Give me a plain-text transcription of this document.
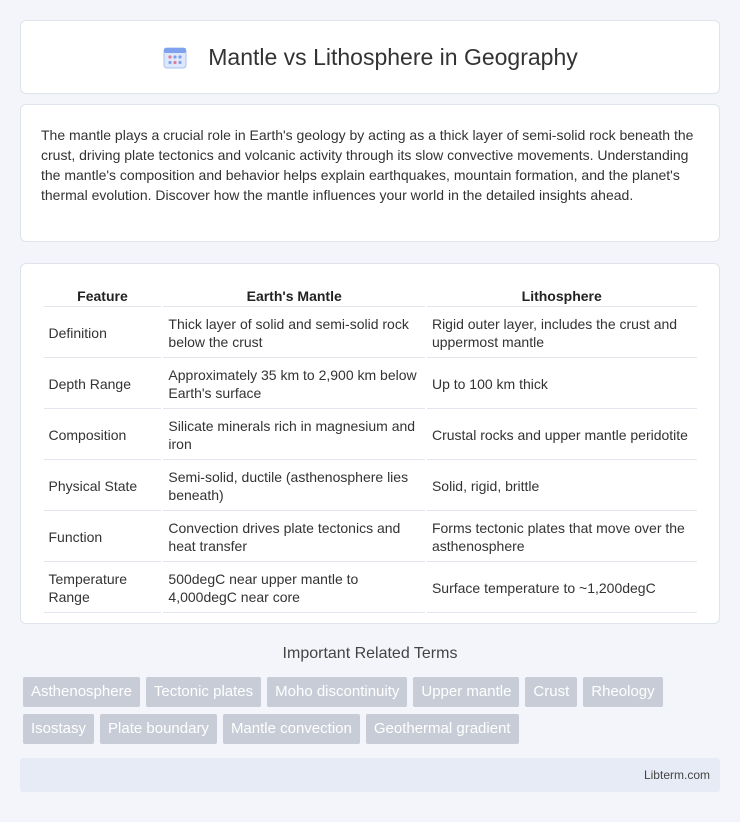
Mantle vs Lithosphere in Geography

The mantle plays a crucial role in Earth's geology by acting as a thick layer of semi-solid rock beneath the crust, driving plate tectonics and volcanic activity through its slow convective movements. Understanding the mantle's composition and behavior helps explain earthquakes, mountain formation, and the planet's thermal evolution. Discover how the mantle influences your world in the detailed insights ahead.

Feature	Earth's Mantle	Lithosphere
Definition	Thick layer of solid and semi-solid rock below the crust	Rigid outer layer, includes the crust and uppermost mantle
Depth Range	Approximately 35 km to 2,900 km below Earth's surface	Up to 100 km thick
Composition	Silicate minerals rich in magnesium and iron	Crustal rocks and upper mantle peridotite
Physical State	Semi-solid, ductile (asthenosphere lies beneath)	Solid, rigid, brittle
Function	Convection drives plate tectonics and heat transfer	Forms tectonic plates that move over the asthenosphere
Temperature Range	500degC near upper mantle to 4,000degC near core	Surface temperature to ~1,200degC
Important Related Terms
Asthenosphere	Tectonic plates	Moho discontinuity	Upper mantle	Crust	Rheology
Isostasy	Plate boundary	Mantle convection	Geothermal gradient
Libterm.com
